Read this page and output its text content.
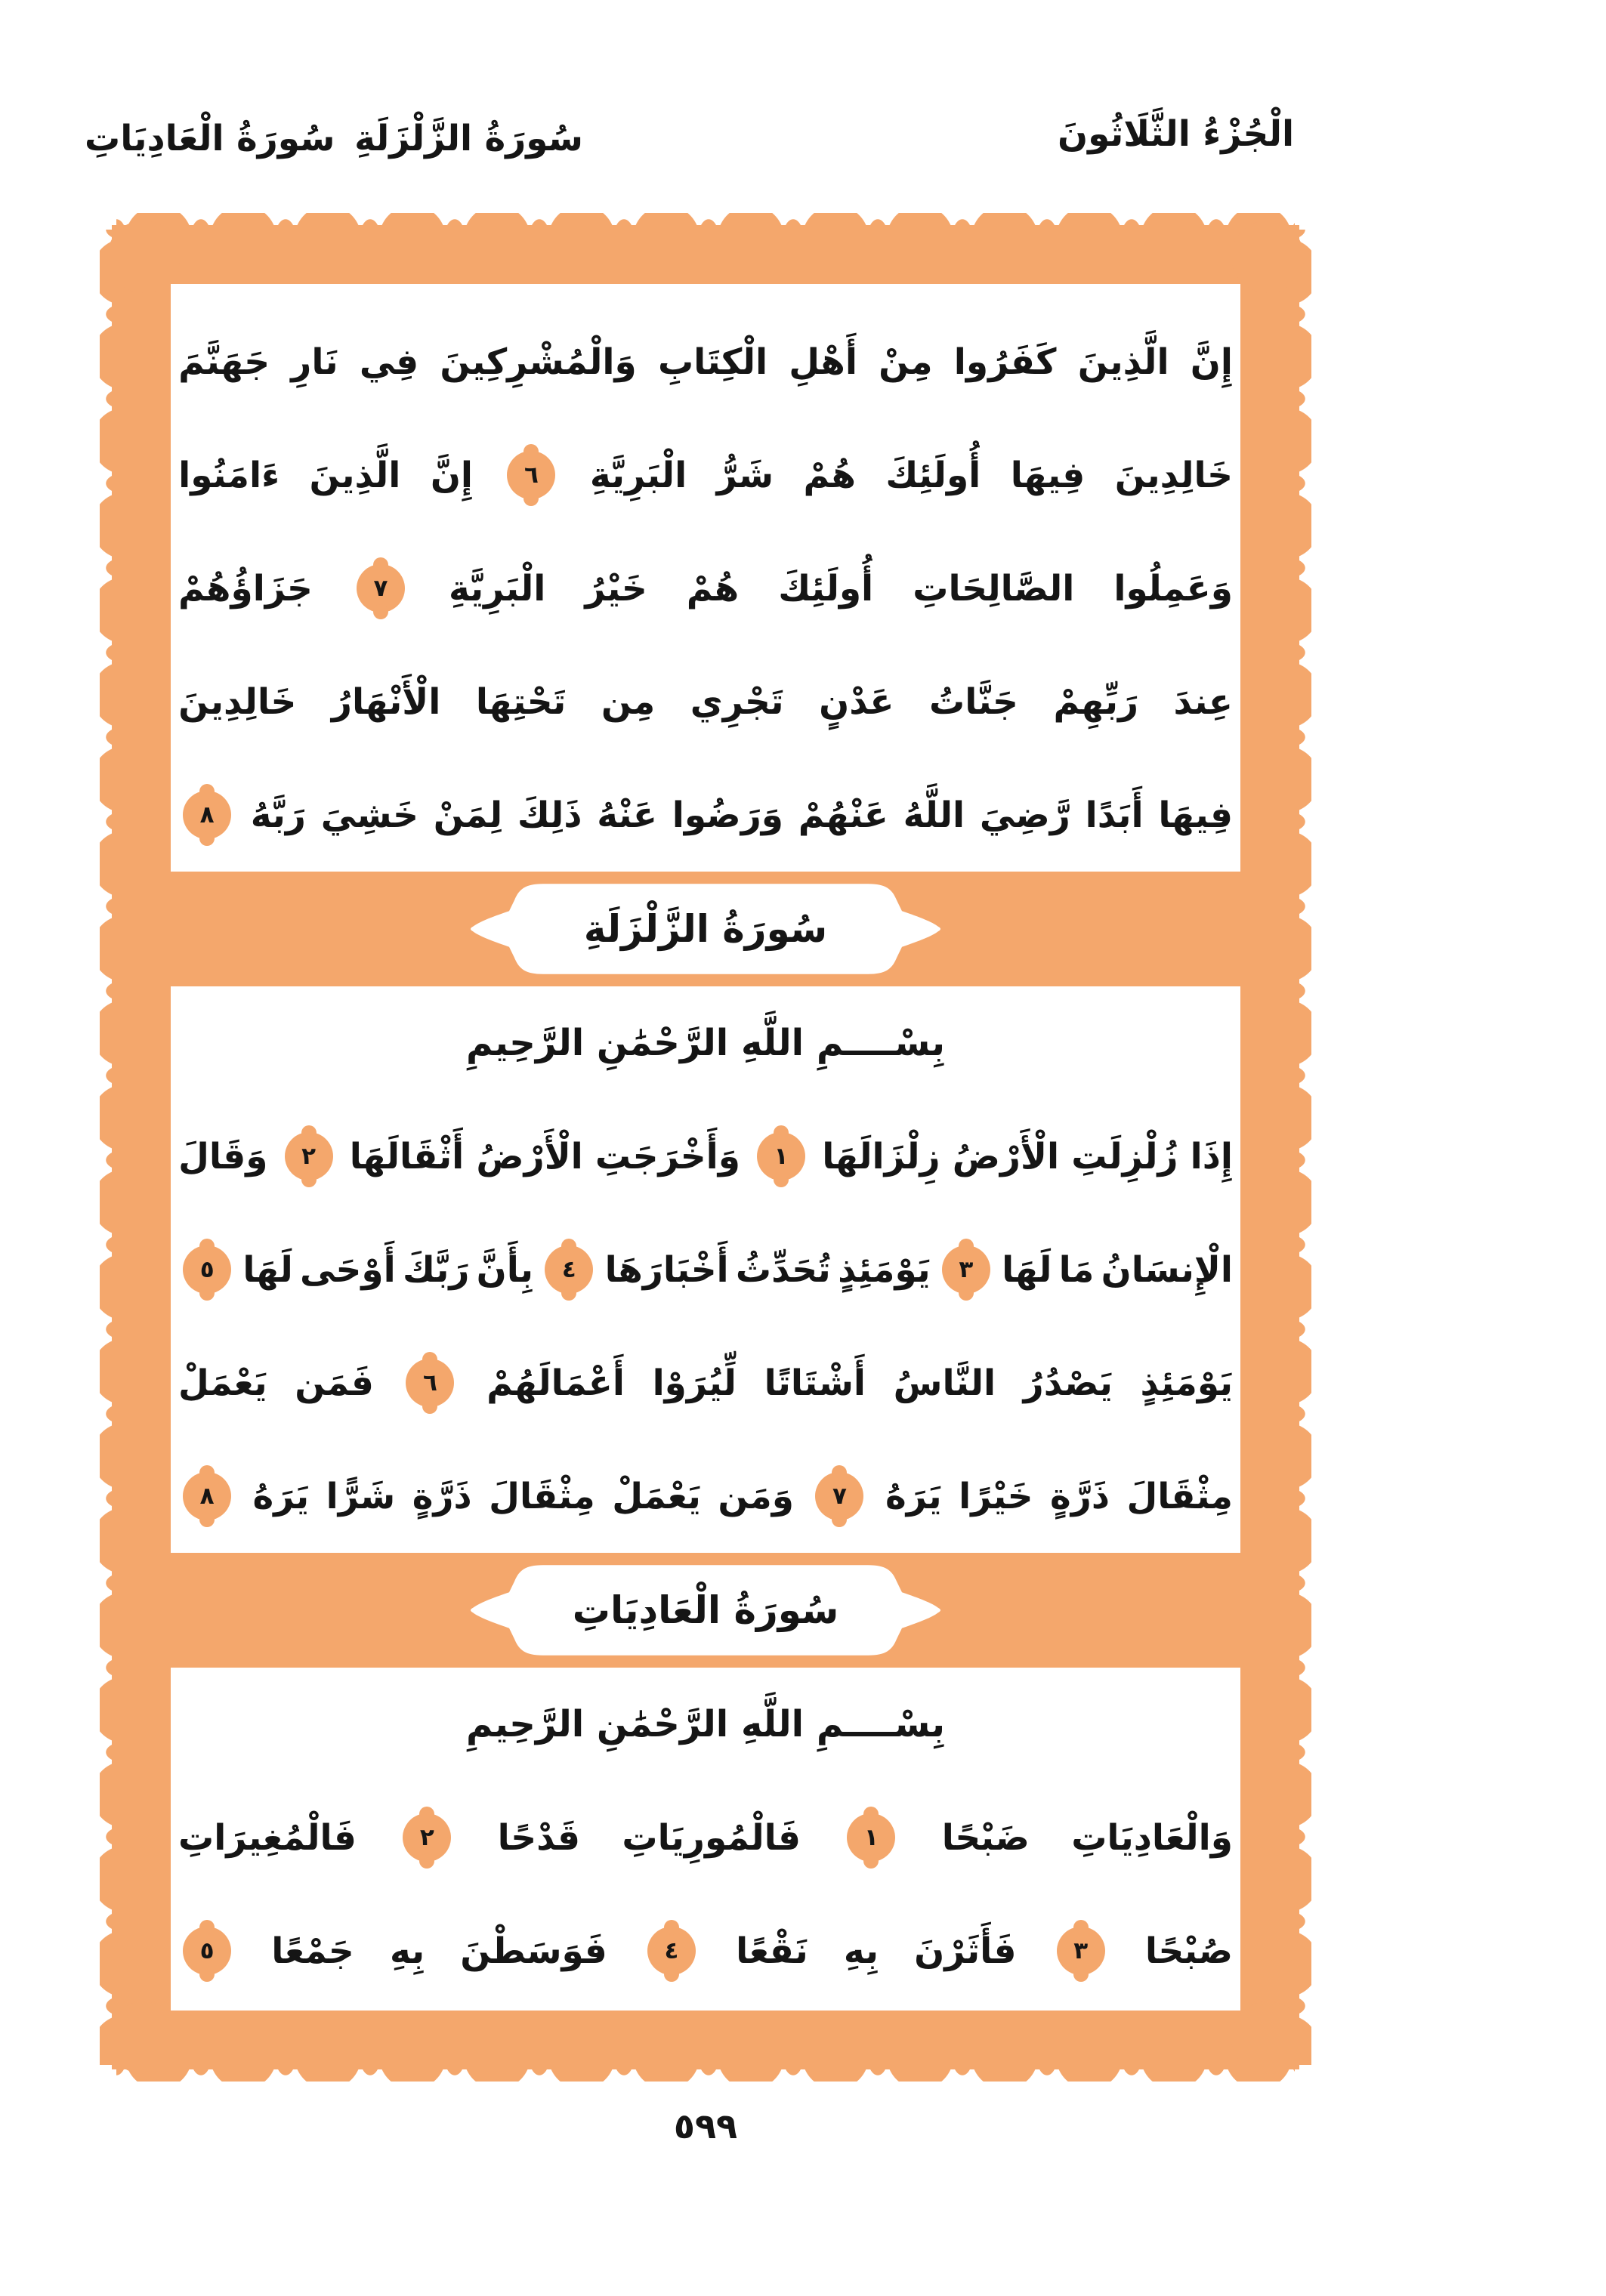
سُورَةُ الزَّلْزَلَةِ
سُورَةُ الْعَادِيَاتِ	الْجُزْءُ الثَّلَاثُونَ
إِنَّ
الَّذِينَ
كَفَرُوا
مِنْ
أَهْلِ
الْكِتَابِ
وَالْمُشْرِكِينَ
فِي
نَارِ
جَهَنَّمَ
خَالِدِينَ
فِيهَا
أُولَئِكَ
هُمْ
شَرُّ
الْبَرِيَّةِ
٦
إِنَّ
الَّذِينَ
ءَامَنُوا
وَعَمِلُوا
الصَّالِحَاتِ
أُولَئِكَ
هُمْ
خَيْرُ
الْبَرِيَّةِ
٧
جَزَاؤُهُمْ
عِندَ
رَبِّهِمْ
جَنَّاتُ
عَدْنٍ
تَجْرِي
مِن
تَحْتِهَا
الْأَنْهَارُ
خَالِدِينَ
فِيهَا
أَبَدًا
رَّضِيَ
اللَّهُ
عَنْهُمْ
وَرَضُوا
عَنْهُ
ذَلِكَ
لِمَنْ
خَشِيَ
رَبَّهُ
٨
سُورَةُ الزَّلْزَلَةِ
بِسْــــمِ اللَّهِ الرَّحْمَٰنِ الرَّحِيمِ
إِذَا
زُلْزِلَتِ
الْأَرْضُ
زِلْزَالَهَا
١
وَأَخْرَجَتِ
الْأَرْضُ
أَثْقَالَهَا
٢
وَقَالَ
الْإِنسَانُ
مَا
لَهَا
٣
يَوْمَئِذٍ
تُحَدِّثُ
أَخْبَارَهَا
٤
بِأَنَّ
رَبَّكَ
أَوْحَى
لَهَا
٥
يَوْمَئِذٍ
يَصْدُرُ
النَّاسُ
أَشْتَاتًا
لِّيُرَوْا
أَعْمَالَهُمْ
٦
فَمَن
يَعْمَلْ
مِثْقَالَ
ذَرَّةٍ
خَيْرًا
يَرَهُ
٧
وَمَن
يَعْمَلْ
مِثْقَالَ
ذَرَّةٍ
شَرًّا
يَرَهُ
٨
سُورَةُ الْعَادِيَاتِ
بِسْــــمِ اللَّهِ الرَّحْمَٰنِ الرَّحِيمِ
وَالْعَادِيَاتِ
ضَبْحًا
١
فَالْمُورِيَاتِ
قَدْحًا
٢
فَالْمُغِيرَاتِ
صُبْحًا
٣
فَأَثَرْنَ
بِهِ
نَقْعًا
٤
فَوَسَطْنَ
بِهِ
جَمْعًا
٥
٥٩٩
